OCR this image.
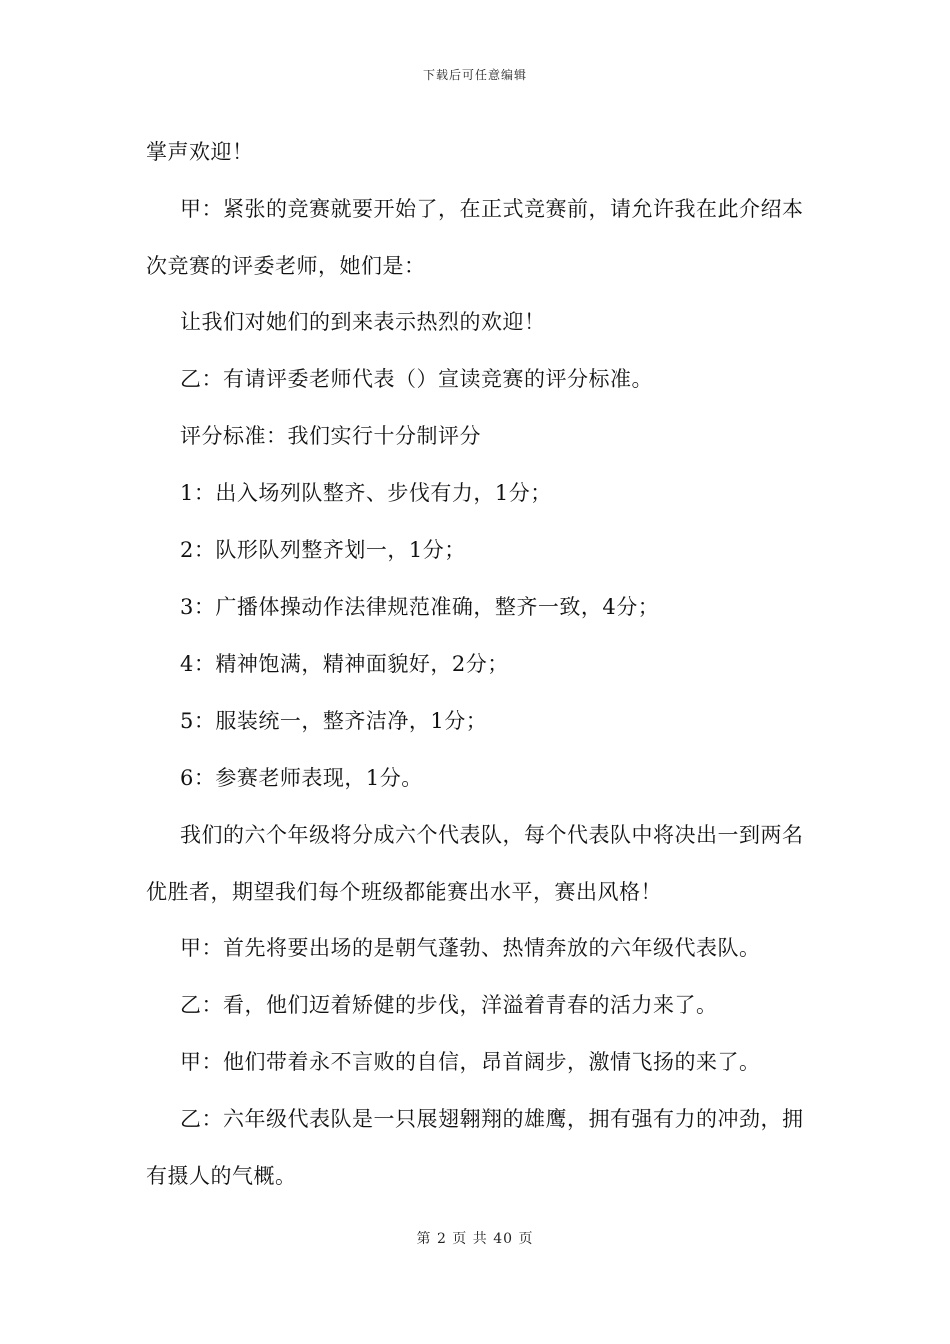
下载后可任意编辑

掌声欢迎！

甲：紧张的竞赛就要开始了，在正式竞赛前，请允许我在此介绍本次竞赛的评委老师，她们是：

让我们对她们的到来表示热烈的欢迎！

乙：有请评委老师代表（）宣读竞赛的评分标准。

评分标准：我们实行十分制评分

1：出入场列队整齐、步伐有力，1分；

2：队形队列整齐划一，1分；

3：广播体操动作法律规范准确，整齐一致，4分；

4：精神饱满，精神面貌好，2分；

5：服装统一，整齐洁净，1分；

6：参赛老师表现，1分。

我们的六个年级将分成六个代表队，每个代表队中将决出一到两名优胜者，期望我们每个班级都能赛出水平，赛出风格！

甲：首先将要出场的是朝气蓬勃、热情奔放的六年级代表队。

乙：看，他们迈着矫健的步伐，洋溢着青春的活力来了。

甲：他们带着永不言败的自信，昂首阔步，激情飞扬的来了。

乙：六年级代表队是一只展翅翱翔的雄鹰，拥有强有力的冲劲，拥有摄人的气概。

第 2 页 共 40 页
